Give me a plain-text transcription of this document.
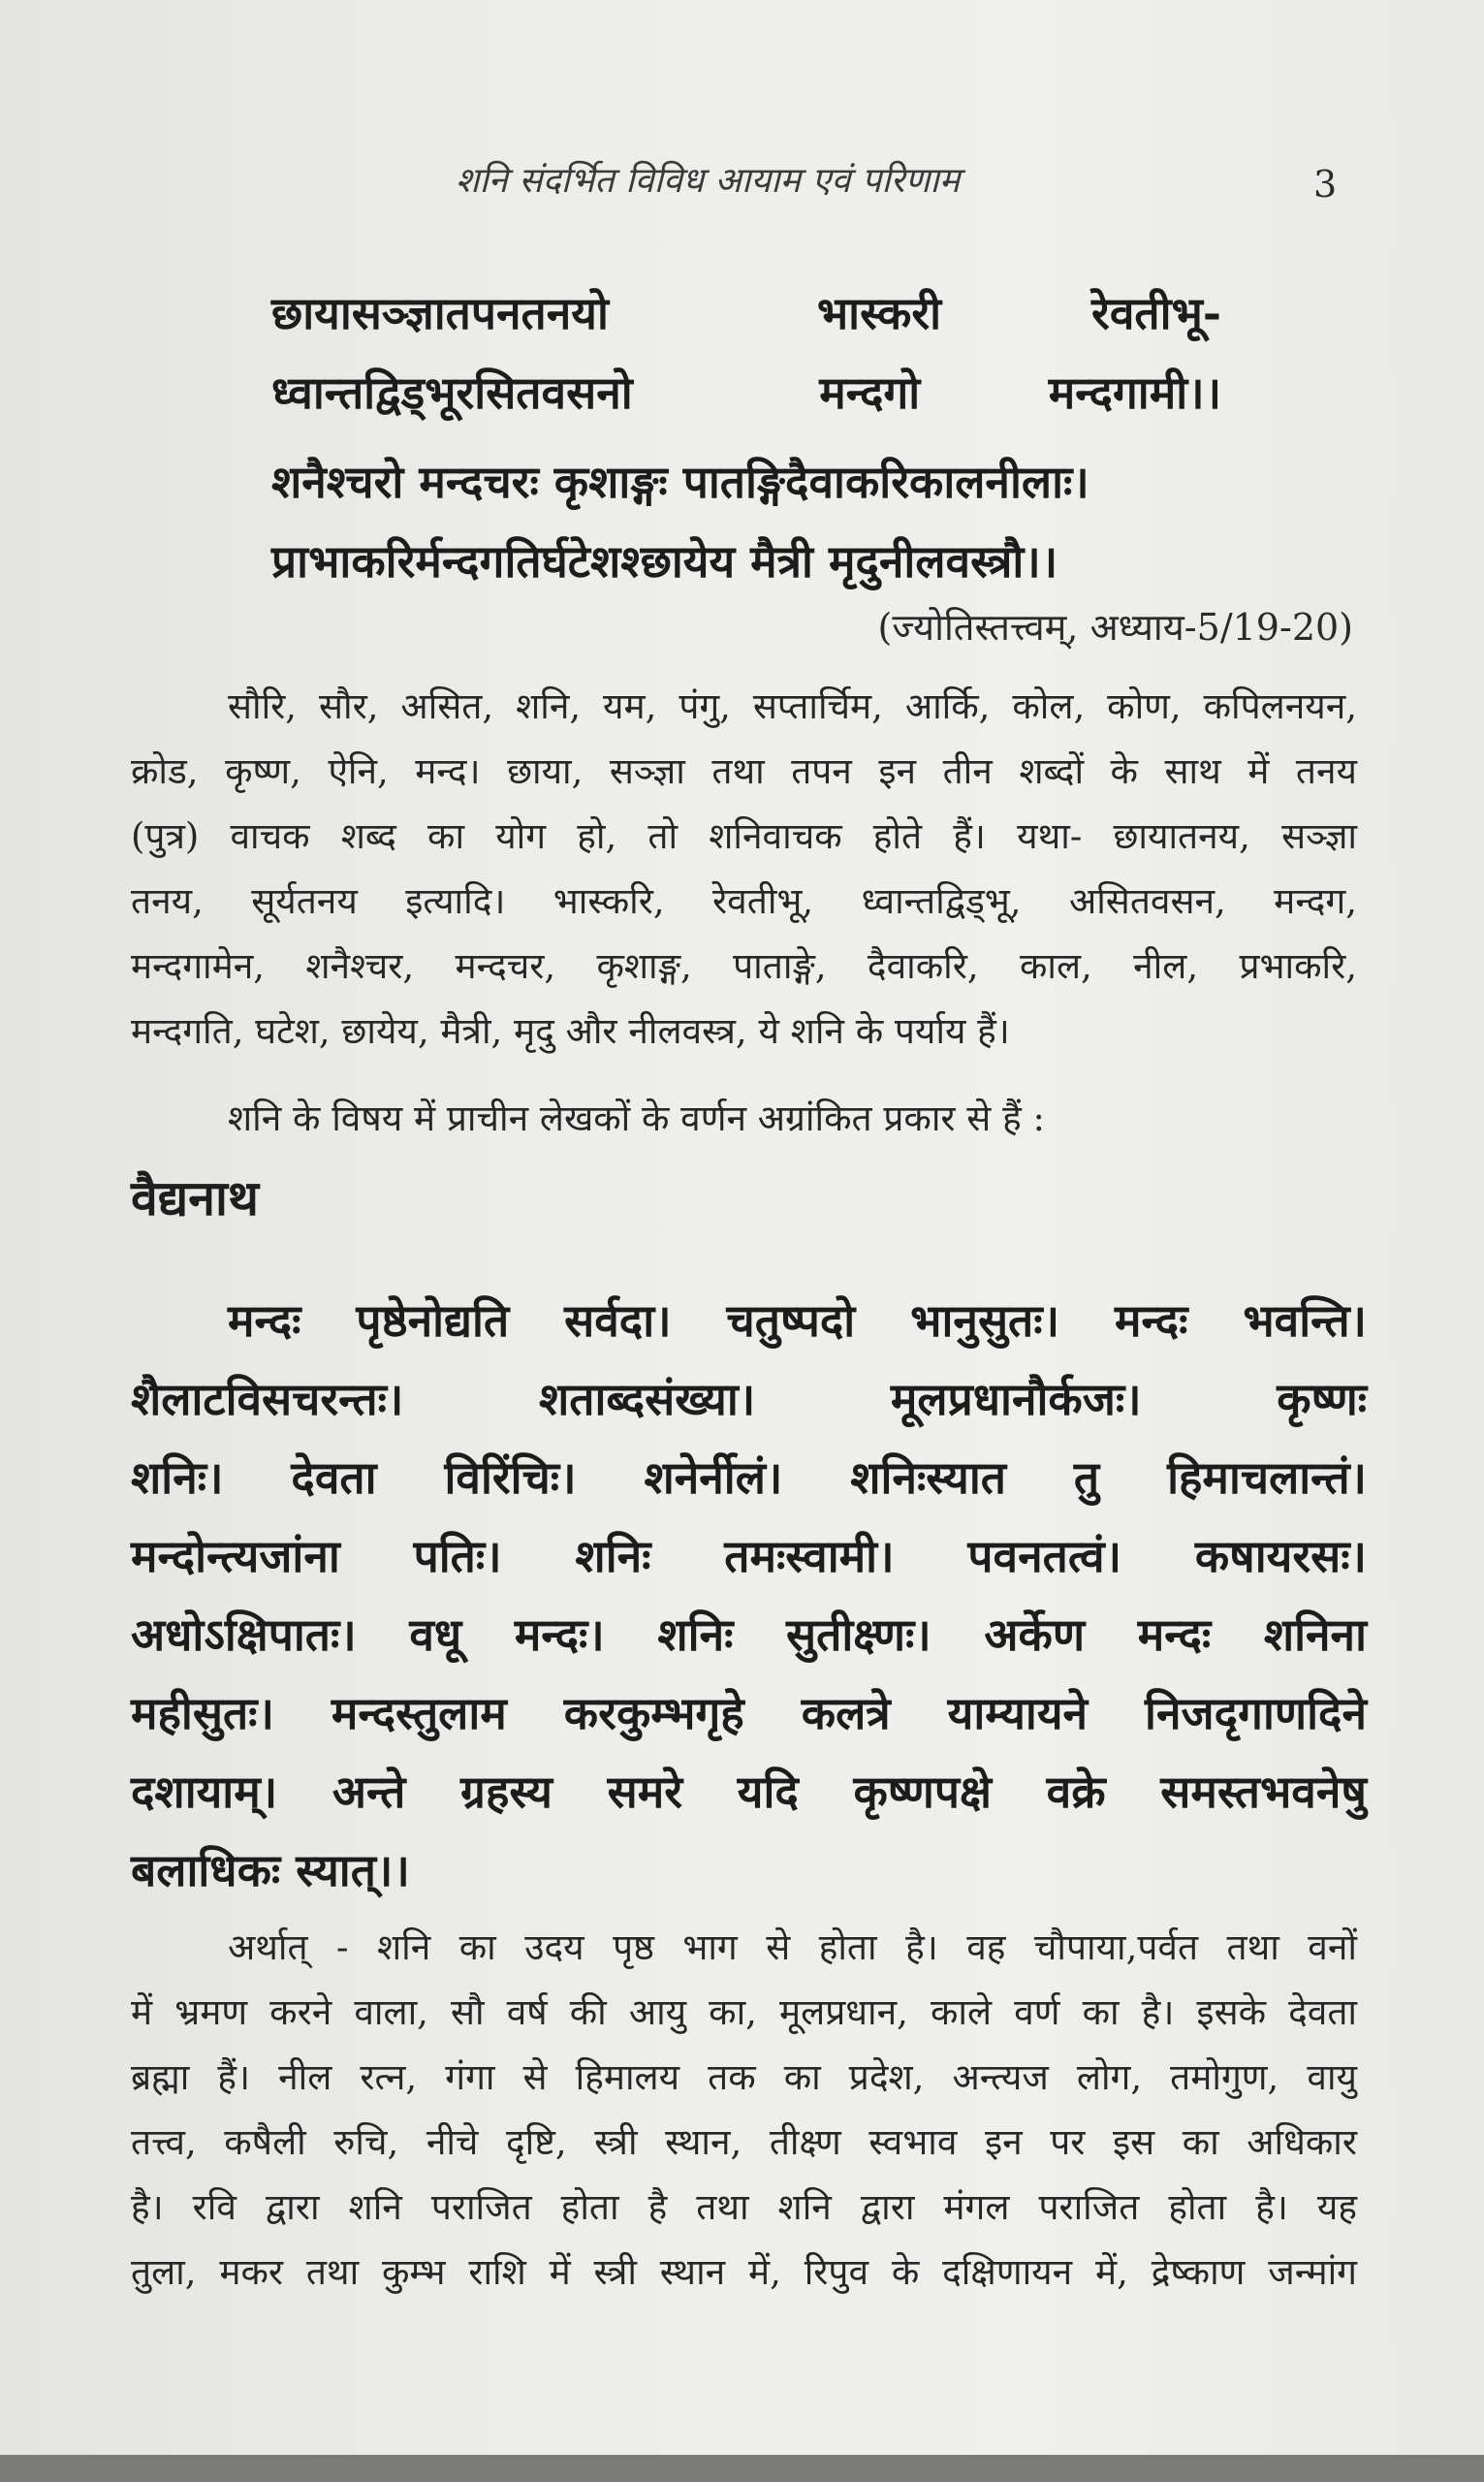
शनि संदर्भित विविध आयाम एवं परिणाम	3
छायासञ्ज्ञातपनतनयो	भास्करी	रेवतीभू-
ध्वान्तद्विड्भूरसितवसनो	मन्दगो	मन्दगामी।।
शनैश्चरो मन्दचरः कृशाङ्गः पातङ्गिदैवाकरिकालनीलाः।
प्राभाकरिर्मन्दगतिर्घटेशश्छायेय मैत्री मृदुनीलवस्त्रौ।।
(ज्योतिस्तत्त्वम्, अध्याय-5/19-20)
सौरि, सौर, असित, शनि, यम, पंगु, सप्तार्चिम, आर्कि, कोल, कोण, कपिलनयन,
क्रोड, कृष्ण, ऐनि, मन्द। छाया, सञ्ज्ञा तथा तपन इन तीन शब्दों के साथ में तनय
(पुत्र) वाचक शब्द का योग हो, तो शनिवाचक होते हैं। यथा- छायातनय, सञ्ज्ञा
तनय, सूर्यतनय इत्यादि। भास्करि, रेवतीभू, ध्वान्तद्विड्भू, असितवसन, मन्दग,
मन्दगामेन, शनैश्चर, मन्दचर, कृशाङ्ग, पाताङ्गे, दैवाकरि, काल, नील, प्रभाकरि,
मन्दगति, घटेश, छायेय, मैत्री, मृदु और नीलवस्त्र, ये शनि के पर्याय हैं।
शनि के विषय में प्राचीन लेखकों के वर्णन अग्रांकित प्रकार से हैं :
वैद्यनाथ
मन्दः पृष्ठेनोद्यति सर्वदा। चतुष्पदो भानुसुतः। मन्दः भवन्ति।
शैलाटविसचरन्तः। शताब्दसंख्या। मूलप्रधानौर्कजः। कृष्णः
शनिः। देवता विरिंचिः। शनेर्नीलं। शनिःस्यात तु हिमाचलान्तं।
मन्दोन्त्यजांना पतिः। शनिः तमःस्वामी। पवनतत्वं। कषायरसः।
अधोऽक्षिपातः। वधू मन्दः। शनिः सुतीक्ष्णः। अर्केण मन्दः शनिना
महीसुतः। मन्दस्तुलाम करकुम्भगृहे कलत्रे याम्यायने निजदृगाणदिने
दशायाम्। अन्ते ग्रहस्य समरे यदि कृष्णपक्षे वक्रे समस्तभवनेषु
बलाधिकः स्यात्।।
अर्थात् - शनि का उदय पृष्ठ भाग से होता है। वह चौपाया,पर्वत तथा वनों
में भ्रमण करने वाला, सौ वर्ष की आयु का, मूलप्रधान, काले वर्ण का है। इसके देवता
ब्रह्मा हैं। नील रत्न, गंगा से हिमालय तक का प्रदेश, अन्त्यज लोग, तमोगुण, वायु
तत्त्व, कषैली रुचि, नीचे दृष्टि, स्त्री स्थान, तीक्ष्ण स्वभाव इन पर इस का अधिकार
है। रवि द्वारा शनि पराजित होता है तथा शनि द्वारा मंगल पराजित होता है। यह
तुला, मकर तथा कुम्भ राशि में स्त्री स्थान में, रिपुव के दक्षिणायन में, द्रेष्काण जन्मांग
